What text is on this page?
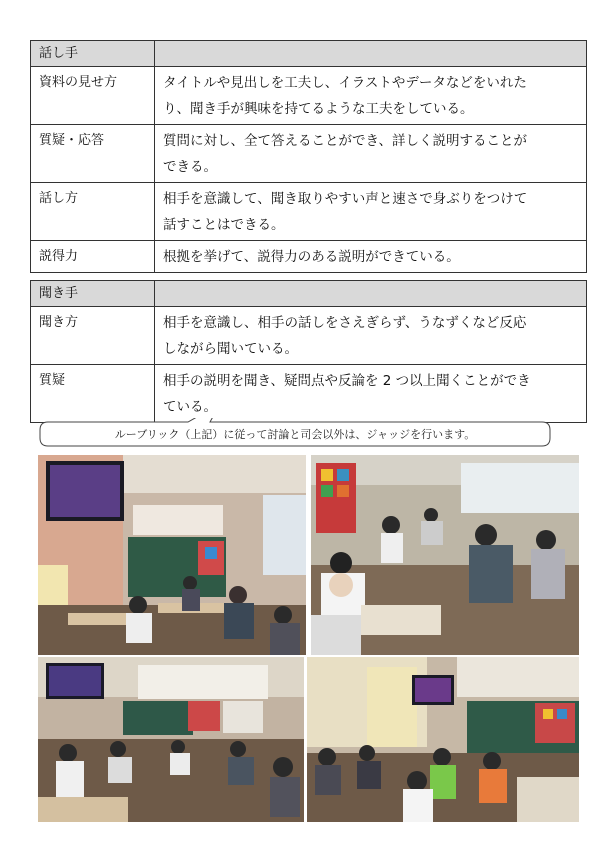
話し手	
資料の見せ方	タイトルや見出しを工夫し、イラストやデータなどをいれた
り、聞き手が興味を持てるような工夫をしている。

質疑・応答	質問に対し、全て答えることができ、詳しく説明することが
できる。

話し方	相手を意識して、聞き取りやすい声と速さで身ぶりをつけて
話すことはできる。

説得力	根拠を挙げて、説得力のある説明ができている。
聞き手	
聞き方	相手を意識し、相手の話しをさえぎらず、うなずくなど反応
しながら聞いている。

質疑	相手の説明を聞き、疑問点や反論を 2 つ以上聞くことができ
ている。
ルーブリック（上記）に従って討論と司会以外は、ジャッジを行います。
